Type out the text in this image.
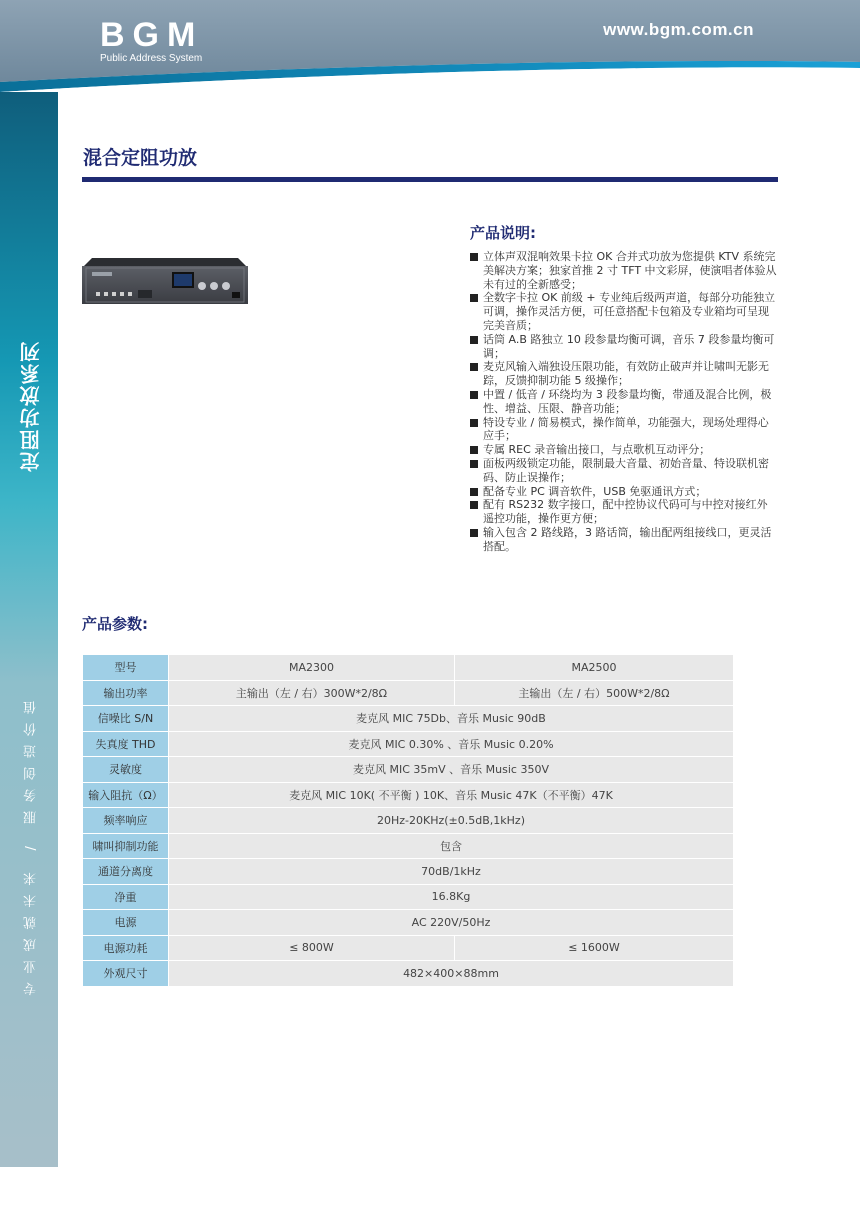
BGM
Public Address System
www.bgm.com.cn
定阻功放系列
专业成就未来 / 服务创造价值
101
混合定阻功放
产品说明:
立体声双混响效果卡拉 OK 合并式功放为您提供 KTV 系统完美解决方案；独家首推 2 寸 TFT 中文彩屏，使演唱者体验从未有过的全新感受；
全数字卡拉 OK 前级 + 专业纯后级两声道，每部分功能独立可调，操作灵活方便，可任意搭配卡包箱及专业箱均可呈现完美音质；
话筒 A.B 路独立 10 段参量均衡可调，音乐 7 段参量均衡可调；
麦克风输入端独设压限功能，有效防止破声并让啸叫无影无踪，反馈抑制功能 5 级操作；
中置 / 低音 / 环绕均为 3 段参量均衡，带通及混合比例，极性、增益、压限、静音功能；
特设专业 / 简易模式，操作简单，功能强大，现场处理得心应手；
专属 REC 录音输出接口，与点歌机互动评分；
面板两级锁定功能，限制最大音量、初始音量、特设联机密码、防止误操作；
配备专业 PC 调音软件，USB 免驱通讯方式；
配有 RS232 数字接口，配中控协议代码可与中控对接红外遥控功能，操作更方便；
输入包含 2 路线路，3 路话筒，输出配两组接线口，更灵活搭配。
产品参数:
型号	MA2300	MA2500
输出功率	主输出（左 / 右）300W*2/8Ω	主输出（左 / 右）500W*2/8Ω
信噪比 S/N	麦克风 MIC 75Db、音乐 Music 90dB	
失真度 THD	麦克风 MIC 0.30% 、音乐 Music 0.20%	
灵敏度	麦克风 MIC 35mV 、音乐 Music 350V	
输入阻抗（Ω）	麦克风 MIC 10K( 不平衡 ) 10K、音乐 Music 47K（不平衡）47K	
频率响应	20Hz-20KHz(±0.5dB,1kHz)	
啸叫抑制功能	包含	
通道分离度	70dB/1kHz	
净重	16.8Kg	
电源	AC 220V/50Hz	
电源功耗	≤ 800W	≤ 1600W
外观尺寸	482×400×88mm	
